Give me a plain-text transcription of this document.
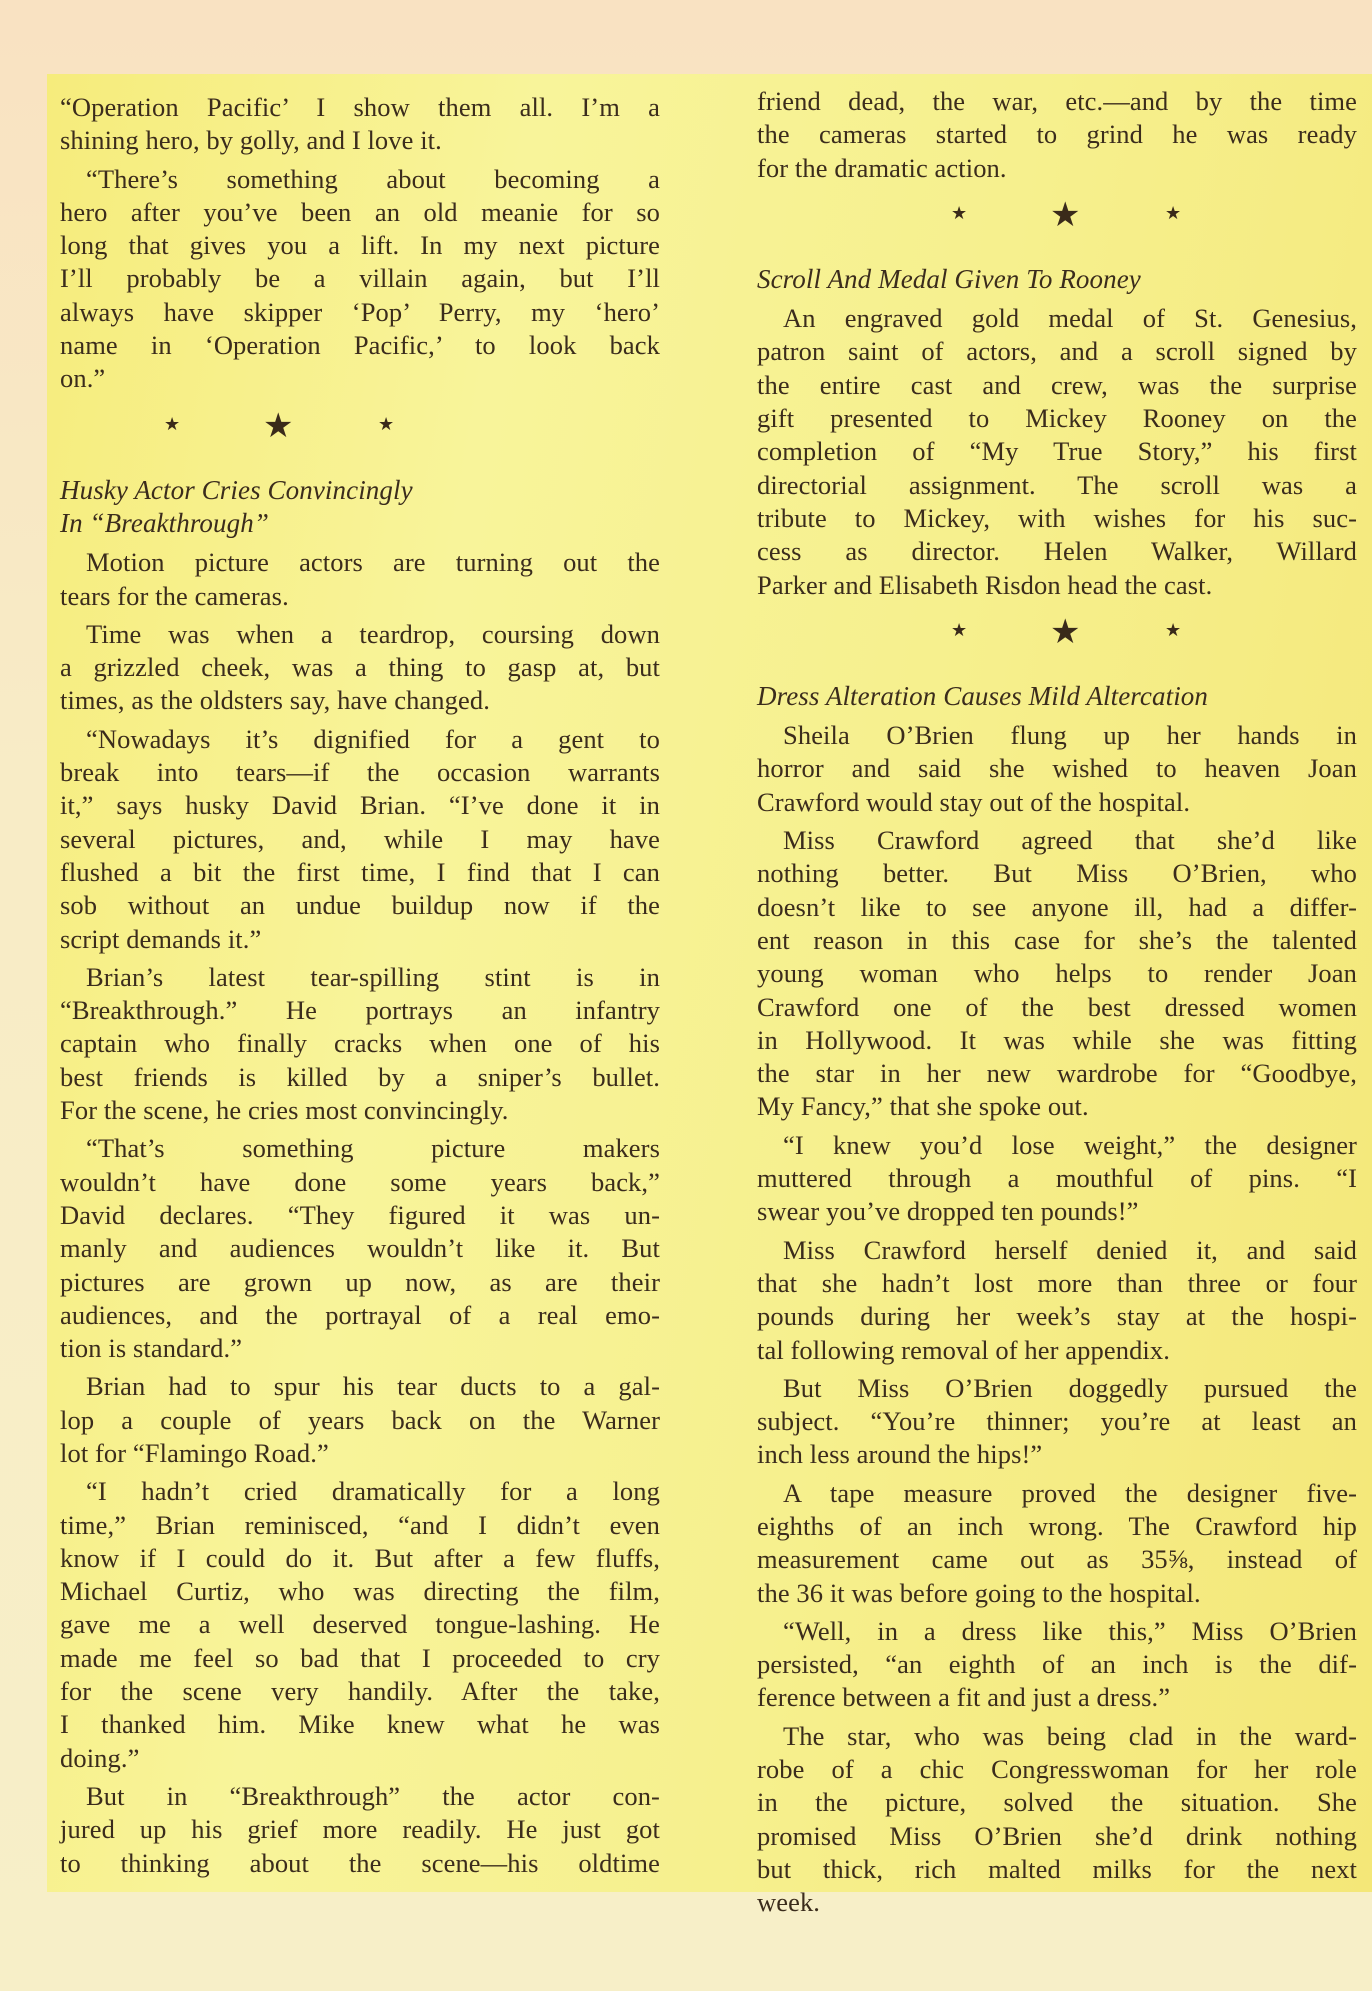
“Operation Pacific’ I show them all. I’m a
shining hero, by golly, and I love it.
“There’s something about becoming a
hero after you’ve been an old meanie for so
long that gives you a lift. In my next picture
I’ll probably be a villain again, but I’ll
always have skipper ‘Pop’ Perry, my ‘hero’
name in ‘Operation Pacific,’ to look back
on.”
★ ★	★
Husky Actor Cries Convincingly
In “Breakthrough”
Motion picture actors are turning out the
tears for the cameras.
Time was when a teardrop, coursing down
a grizzled cheek, was a thing to gasp at, but
times, as the oldsters say, have changed.
“Nowadays it’s dignified for a gent to
break into tears—if the occasion warrants
it,” says husky David Brian. “I’ve done it in
several pictures, and, while I may have
flushed a bit the first time, I find that I can
sob without an undue buildup now if the
script demands it.”
Brian’s latest tear-spilling stint is in
“Breakthrough.” He portrays an infantry
captain who finally cracks when one of his
best friends is killed by a sniper’s bullet.
For the scene, he cries most convincingly.
“That’s something picture makers
wouldn’t have done some years back,”
David declares. “They figured it was un-
manly and audiences wouldn’t like it. But
pictures are grown up now, as are their
audiences, and the portrayal of a real emo-
tion is standard.”
Brian had to spur his tear ducts to a gal-
lop a couple of years back on the Warner
lot for “Flamingo Road.”
“I hadn’t cried dramatically for a long
time,” Brian reminisced, “and I didn’t even
know if I could do it. But after a few fluffs,
Michael Curtiz, who was directing the film,
gave me a well deserved tongue-lashing. He
made me feel so bad that I proceeded to cry
for the scene very handily. After the take,
I thanked him. Mike knew what he was
doing.”
But in “Breakthrough” the actor con-
jured up his grief more readily. He just got
to thinking about the scene—his oldtime
friend dead, the war, etc.—and by the time
the cameras started to grind he was ready
for the dramatic action.
★ ★	★
Scroll And Medal Given To Rooney
An engraved gold medal of St. Genesius,
patron saint of actors, and a scroll signed by
the entire cast and crew, was the surprise
gift presented to Mickey Rooney on the
completion of “My True Story,” his first
directorial assignment. The scroll was a
tribute to Mickey, with wishes for his suc-
cess as director. Helen Walker, Willard
Parker and Elisabeth Risdon head the cast.
★ ★	★
Dress Alteration Causes Mild Altercation
Sheila O’Brien flung up her hands in
horror and said she wished to heaven Joan
Crawford would stay out of the hospital.
Miss Crawford agreed that she’d like
nothing better. But Miss O’Brien, who
doesn’t like to see anyone ill, had a differ-
ent reason in this case for she’s the talented
young woman who helps to render Joan
Crawford one of the best dressed women
in Hollywood. It was while she was fitting
the star in her new wardrobe for “Goodbye,
My Fancy,” that she spoke out.
“I knew you’d lose weight,” the designer
muttered through a mouthful of pins. “I
swear you’ve dropped ten pounds!”
Miss Crawford herself denied it, and said
that she hadn’t lost more than three or four
pounds during her week’s stay at the hospi-
tal following removal of her appendix.
But Miss O’Brien doggedly pursued the
subject. “You’re thinner; you’re at least an
inch less around the hips!”
A tape measure proved the designer five-
eighths of an inch wrong. The Crawford hip
measurement came out as 35⅝, instead of
the 36 it was before going to the hospital.
“Well, in a dress like this,” Miss O’Brien
persisted, “an eighth of an inch is the dif-
ference between a fit and just a dress.”
The star, who was being clad in the ward-
robe of a chic Congresswoman for her role
in the picture, solved the situation. She
promised Miss O’Brien she’d drink nothing
but thick, rich malted milks for the next
week.
